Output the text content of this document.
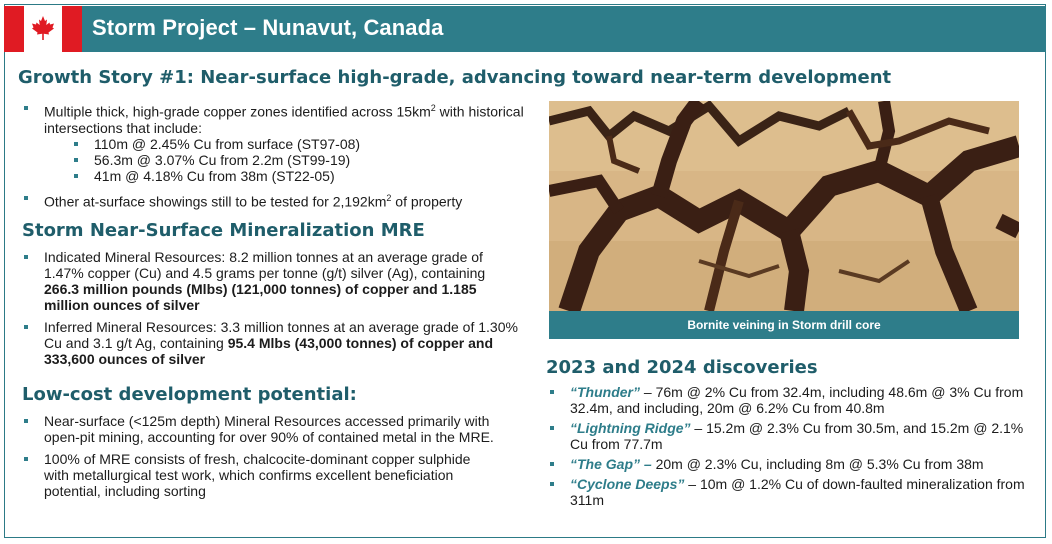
Storm Project – Nunavut, Canada
Growth Story #1: Near-surface high-grade, advancing toward near-term development
Multiple thick, high-grade copper zones identified across $15km^2$ with historical intersections that include:
110m @ 2.45% Cu from surface (ST97-08)
56.3m @ 3.07% Cu from 2.2m (ST99-19)
41m @ 4.18% Cu from 38m (ST22-05)
Other at-surface showings still to be tested for $2,192km^2$ of property
Storm Near-Surface Mineralization MRE
Indicated Mineral Resources: 8.2 million tonnes at an average grade of 1.47% copper (Cu) and 4.5 grams per tonne (g/t) silver (Ag), containing 266.3 million pounds (Mlbs) (121,000 tonnes) of copper and 1.185 million ounces of silver
Inferred Mineral Resources: 3.3 million tonnes at an average grade of 1.30% Cu and 3.1 g/t Ag, containing 95.4 Mlbs (43,000 tonnes) of copper and 333,600 ounces of silver
Low-cost development potential:
Near-surface (<125m depth) Mineral Resources accessed primarily with open-pit mining, accounting for over 90% of contained metal in the MRE.
100% of MRE consists of fresh, chalcocite-dominant copper sulphide with metallurgical test work, which confirms excellent beneficiation potential, including sorting
Bornite veining in Storm drill core
2023 and 2024 discoveries
“Thunder” – 76m @ 2% Cu from 32.4m, including 48.6m @ 3% Cu from 32.4m, and including, 20m @ 6.2% Cu from 40.8m
“Lightning Ridge” – 15.2m @ 2.3% Cu from 30.5m, and 15.2m @ 2.1% Cu from 77.7m
“The Gap” – 20m @ 2.3% Cu, including 8m @ 5.3% Cu from 38m
“Cyclone Deeps” – 10m @ 1.2% Cu of down-faulted mineralization from 311m
